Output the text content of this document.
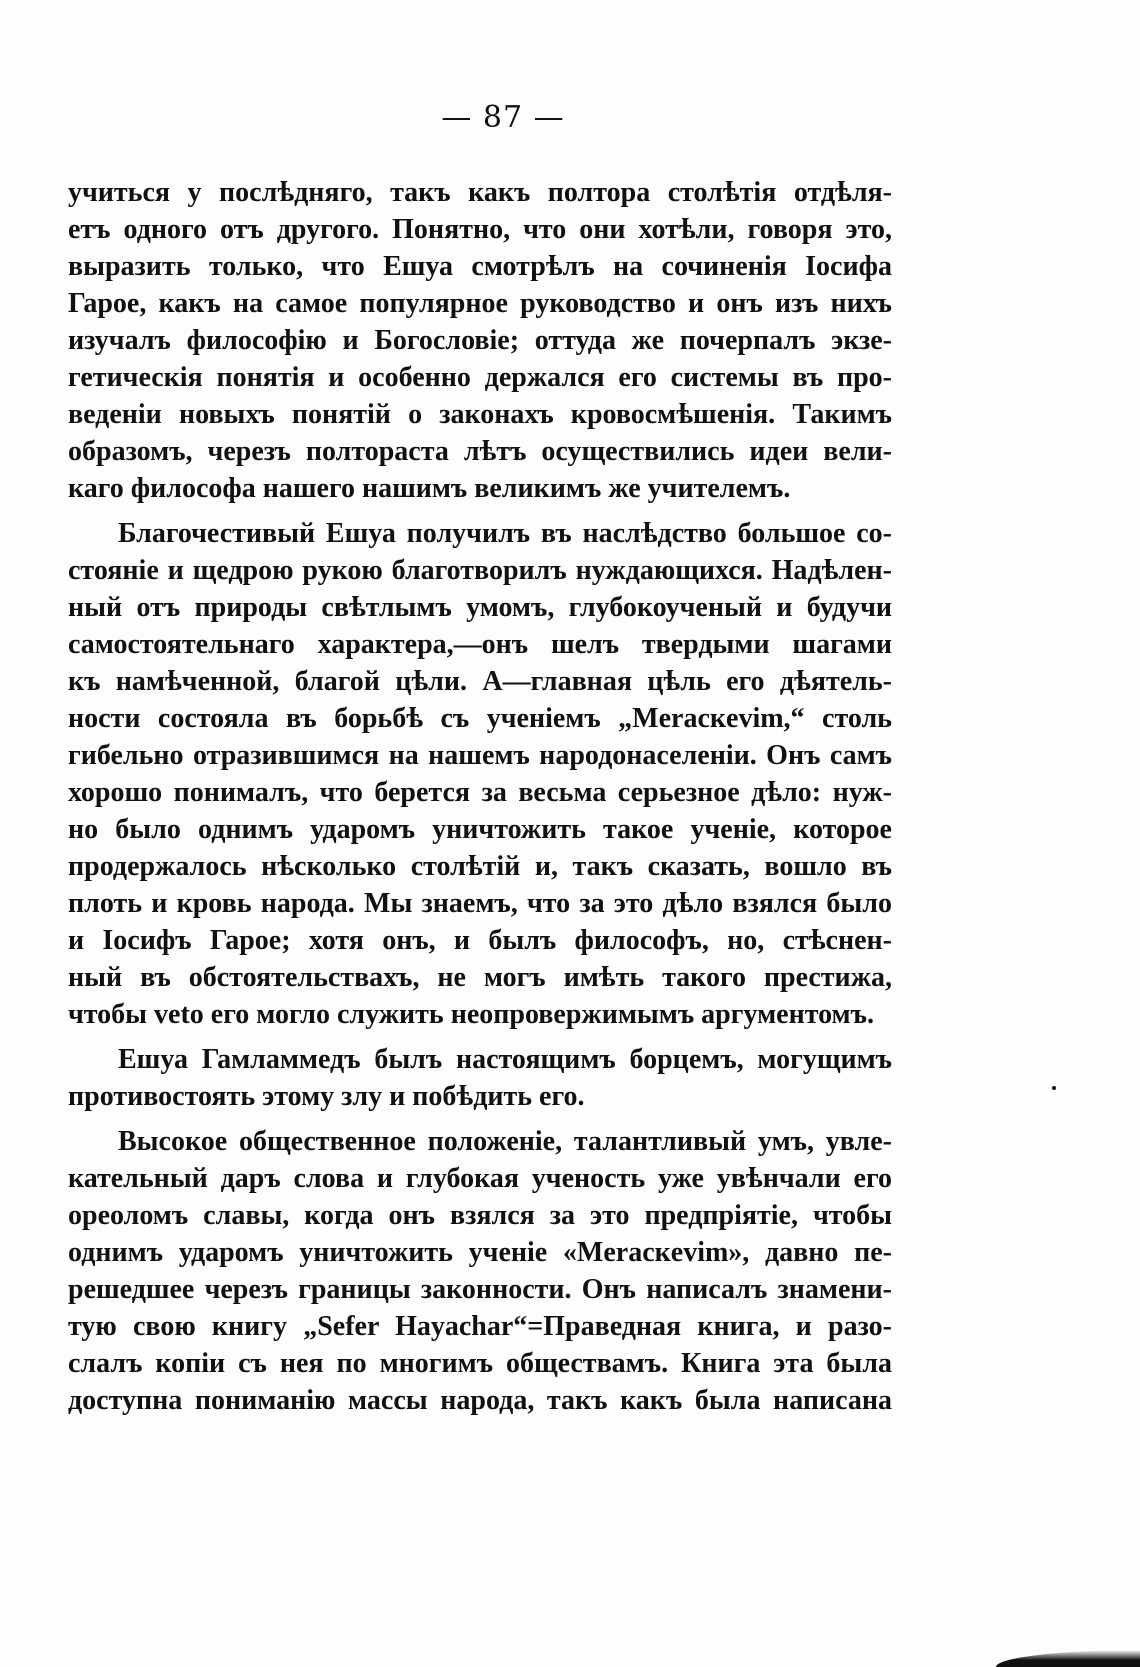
— 87 —
учиться у послѣдняго, такъ какъ полтора столѣтія отдѣля-
етъ одного отъ другого. Понятно, что они хотѣли, говоря это,
выразить только, что Ешуа смотрѣлъ на сочиненія Іосифа
Гарое, какъ на самое популярное руководство и онъ изъ нихъ
изучалъ философію и Богословіе; оттуда же почерпалъ экзе-
гетическія понятія и особенно держался его системы въ про-
веденіи новыхъ понятій о законахъ кровосмѣшенія. Такимъ
образомъ, черезъ полтораста лѣтъ осуществились идеи вели-
каго философа нашего нашимъ великимъ же учителемъ.
Благочестивый Ешуа получилъ въ наслѣдство большое со-
стояніе и щедрою рукою благотворилъ нуждающихся. Надѣлен-
ный отъ природы свѣтлымъ умомъ, глубокоученый и будучи
самостоятельнаго характера,—онъ шелъ твердыми шагами
къ намѣченной, благой цѣли. А—главная цѣль его дѣятель-
ности состояла въ борьбѣ съ ученіемъ „Meracкevim,“ столь
гибельно отразившимся на нашемъ народонаселеніи. Онъ самъ
хорошо понималъ, что берется за весьма серьезное дѣло: нуж-
но было однимъ ударомъ уничтожить такое ученіе, которое
продержалось нѣсколько столѣтій и, такъ сказать, вошло въ
плоть и кровь народа. Мы знаемъ, что за это дѣло взялся было
и Іосифъ Гарое; хотя онъ, и былъ философъ, но, стѣснен-
ный въ обстоятельствахъ, не могъ имѣть такого престижа,
чтобы veto его могло служить неопровержимымъ аргументомъ.
Ешуа Гамламмедъ былъ настоящимъ борцемъ, могущимъ
противостоять этому злу и побѣдить его.
Высокое общественное положеніе, талантливый умъ, увле-
кательный даръ слова и глубокая ученость уже увѣнчали его
ореоломъ славы, когда онъ взялся за это предпріятіе, чтобы
однимъ ударомъ уничтожить ученіе «Meracкevim», давно пе-
решедшее черезъ границы законности. Онъ написалъ знамени-
тую свою книгу „Sefer Hayachar“=Праведная книга, и разо-
слалъ копіи съ нея по многимъ обществамъ. Книга эта была
доступна пониманію массы народа, такъ какъ была написана
